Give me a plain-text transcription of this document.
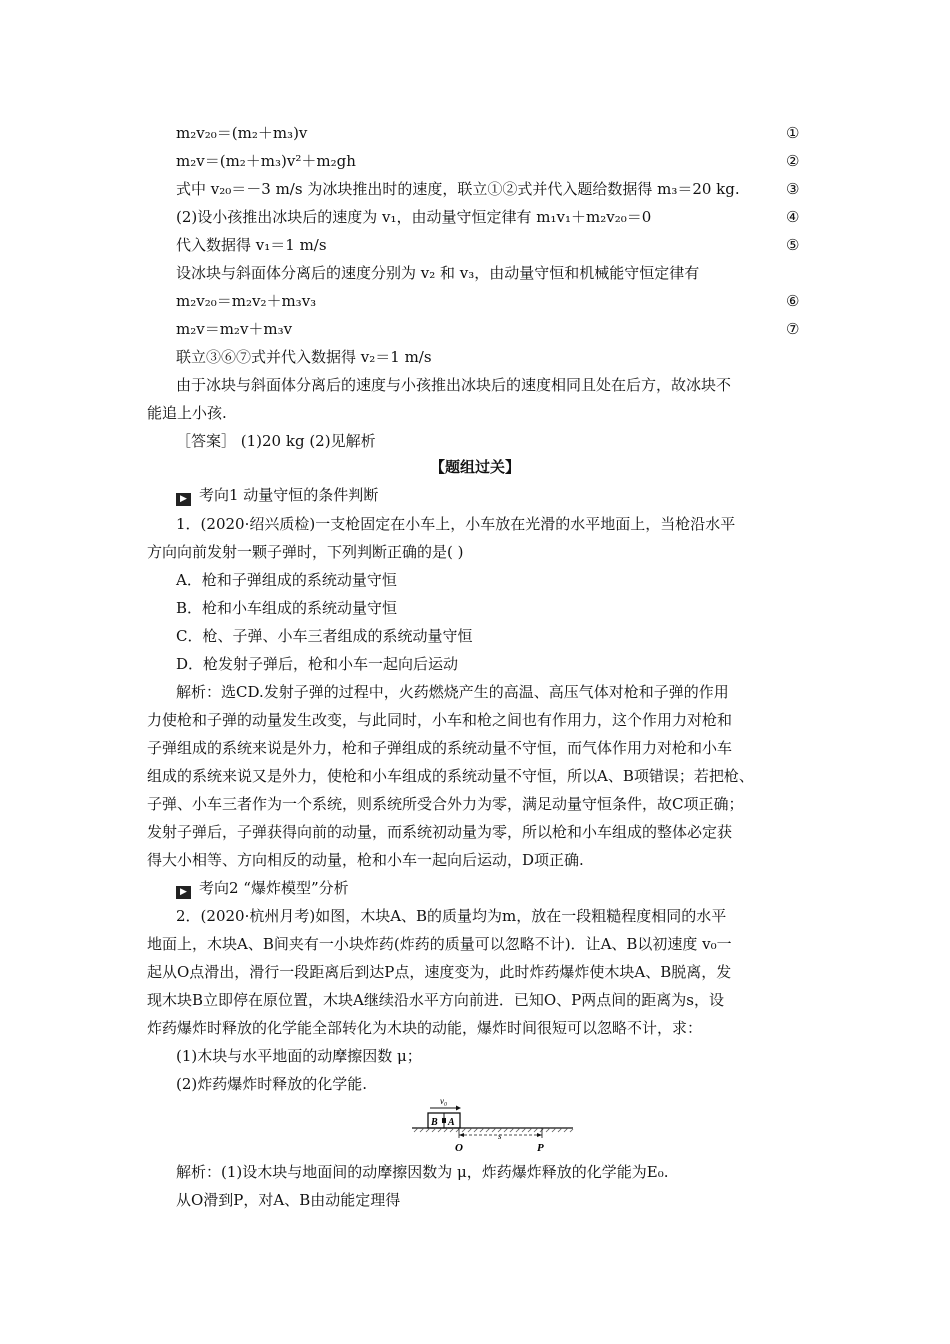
m₂v₂₀＝(m₂＋m₃)v	①
m₂v＝(m₂＋m₃)v²＋m₂gh	②
式中 v₂₀＝－3 m/s 为冰块推出时的速度，联立①②式并代入题给数据得 m₃＝20 kg.	③
(2)设小孩推出冰块后的速度为 v₁，由动量守恒定律有 m₁v₁＋m₂v₂₀＝0	④
代入数据得 v₁＝1 m/s	⑤
设冰块与斜面体分离后的速度分别为 v₂ 和 v₃，由动量守恒和机械能守恒定律有
m₂v₂₀＝m₂v₂＋m₃v₃	⑥
m₂v＝m₂v＋m₃v	⑦
联立③⑥⑦式并代入数据得 v₂＝1 m/s
由于冰块与斜面体分离后的速度与小孩推出冰块后的速度相同且处在后方，故冰块不
能追上小孩.
［答案］ (1)20 kg (2)见解析
【题组过关】
▶ 考向1 动量守恒的条件判断
1．(2020·绍兴质检)一支枪固定在小车上，小车放在光滑的水平地面上，当枪沿水平
方向向前发射一颗子弹时，下列判断正确的是( )
A．枪和子弹组成的系统动量守恒
B．枪和小车组成的系统动量守恒
C．枪、子弹、小车三者组成的系统动量守恒
D．枪发射子弹后，枪和小车一起向后运动
解析：选CD.发射子弹的过程中，火药燃烧产生的高温、高压气体对枪和子弹的作用
力使枪和子弹的动量发生改变，与此同时，小车和枪之间也有作用力，这个作用力对枪和
子弹组成的系统来说是外力，枪和子弹组成的系统动量不守恒，而气体作用力对枪和小车
组成的系统来说又是外力，使枪和小车组成的系统动量不守恒，所以A、B项错误；若把枪、
子弹、小车三者作为一个系统，则系统所受合外力为零，满足动量守恒条件，故C项正确；
发射子弹后，子弹获得向前的动量，而系统初动量为零，所以枪和小车组成的整体必定获
得大小相等、方向相反的动量，枪和小车一起向后运动，D项正确.
▶ 考向2 “爆炸模型”分析
2．(2020·杭州月考)如图，木块A、B的质量均为m，放在一段粗糙程度相同的水平
地面上，木块A、B间夹有一小块炸药(炸药的质量可以忽略不计)．让A、B以初速度 v₀一
起从O点滑出，滑行一段距离后到达P点，速度变为，此时炸药爆炸使木块A、B脱离，发
现木块B立即停在原位置，木块A继续沿水平方向前进．已知O、P两点间的距离为s，设
炸药爆炸时释放的化学能全部转化为木块的动能，爆炸时间很短可以忽略不计，求：
(1)木块与水平地面的动摩擦因数 μ；
(2)炸药爆炸时释放的化学能.
v₀
B A
s
O	P
解析：(1)设木块与地面间的动摩擦因数为 μ，炸药爆炸释放的化学能为E₀.
从O滑到P，对A、B由动能定理得
